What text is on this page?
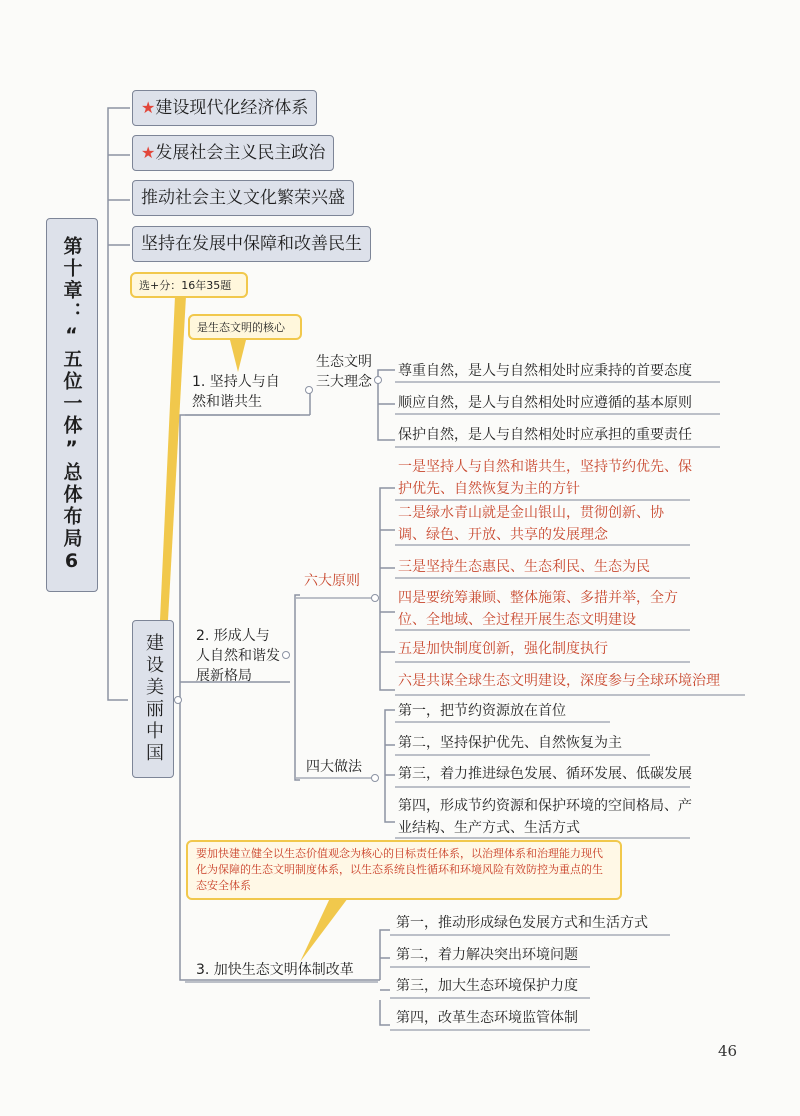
第十章：“五位一体”总体布局6
★建设现代化经济体系
★发展社会主义民主政治
推动社会主义文化繁荣兴盛
坚持在发展中保障和改善民生
选+分：16年35题
建设美丽中国
是生态文明的核心
1. 坚持人与自然和谐共生
生态文明三大理念
尊重自然，是人与自然相处时应秉持的首要态度
顺应自然，是人与自然相处时应遵循的基本原则
保护自然，是人与自然相处时应承担的重要责任
2. 形成人与人自然和谐发展新格局
六大原则
一是坚持人与自然和谐共生，坚持节约优先、保护优先、自然恢复为主的方针
二是绿水青山就是金山银山，贯彻创新、协调、绿色、开放、共享的发展理念
三是坚持生态惠民、生态利民、生态为民
四是要统筹兼顾、整体施策、多措并举，全方位、全地域、全过程开展生态文明建设
五是加快制度创新，强化制度执行
六是共谋全球生态文明建设，深度参与全球环境治理
四大做法
第一，把节约资源放在首位
第二，坚持保护优先、自然恢复为主
第三，着力推进绿色发展、循环发展、低碳发展
第四，形成节约资源和保护环境的空间格局、产业结构、生产方式、生活方式
要加快建立健全以生态价值观念为核心的目标责任体系，以治理体系和治理能力现代化为保障的生态文明制度体系，以生态系统良性循环和环境风险有效防控为重点的生态安全体系
3. 加快生态文明体制改革
第一，推动形成绿色发展方式和生活方式
第二，着力解决突出环境问题
第三，加大生态环境保护力度
第四，改革生态环境监管体制
46
